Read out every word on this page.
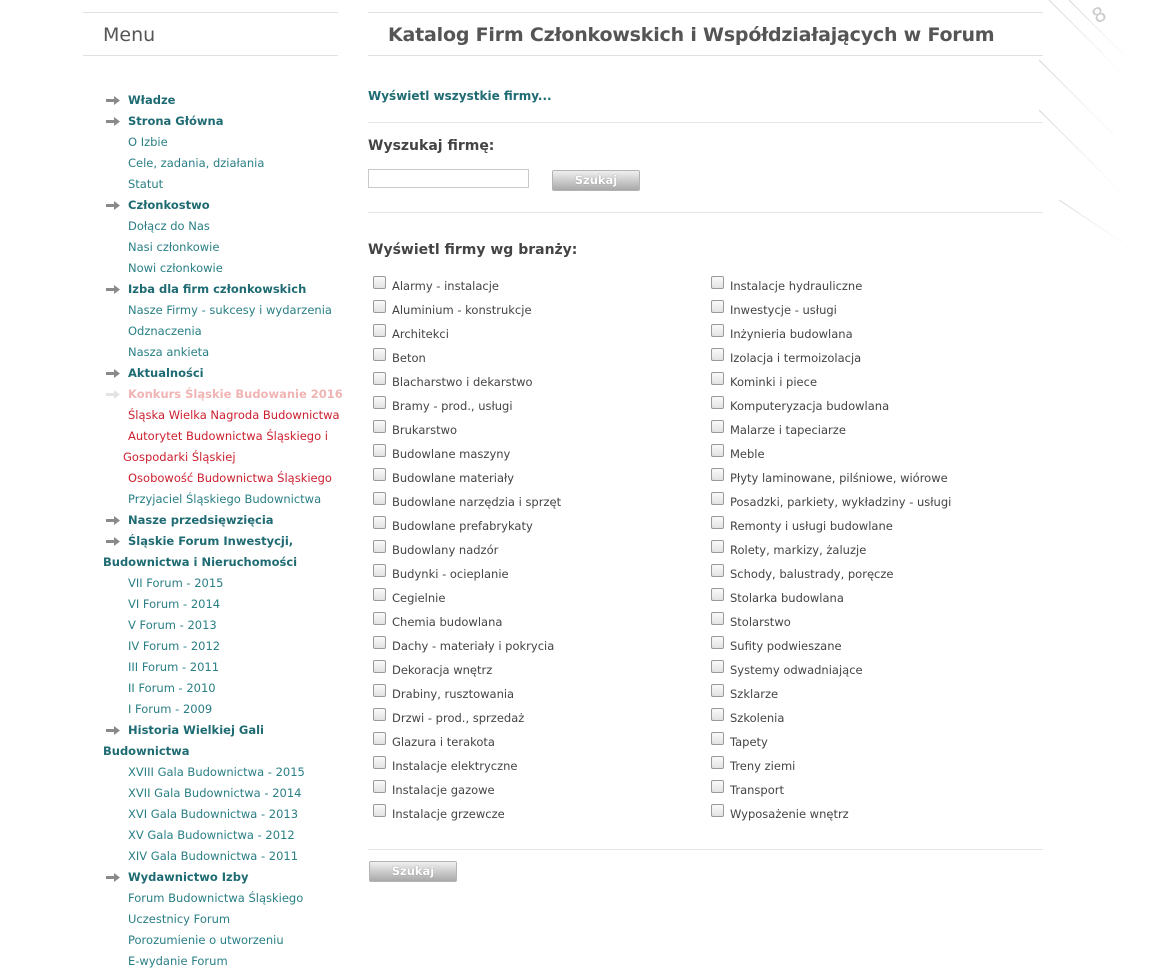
8
Menu
Władze
Strona Główna
O Izbie
Cele, zadania, działania
Statut
Członkostwo
Dołącz do Nas
Nasi członkowie
Nowi członkowie
Izba dla firm członkowskich
Nasze Firmy - sukcesy i wydarzenia
Odznaczenia
Nasza ankieta
Aktualności
Konkurs Śląskie Budowanie 2016
Śląska Wielka Nagroda Budownictwa
Autorytet Budownictwa Śląskiego i
Gospodarki Śląskiej
Osobowość Budownictwa Śląskiego
Przyjaciel Śląskiego Budownictwa
Nasze przedsięwzięcia
Śląskie Forum Inwestycji,
Budownictwa i Nieruchomości
VII Forum - 2015
VI Forum - 2014
V Forum - 2013
IV Forum - 2012
III Forum - 2011
II Forum - 2010
I Forum - 2009
Historia Wielkiej Gali
Budownictwa
XVIII Gala Budownictwa - 2015
XVII Gala Budownictwa - 2014
XVI Gala Budownictwa - 2013
XV Gala Budownictwa - 2012
XIV Gala Budownictwa - 2011
Wydawnictwo Izby
Forum Budownictwa Śląskiego
Uczestnicy Forum
Porozumienie o utworzeniu
E-wydanie Forum
Katalog Firm Członkowskich i Współdziałających w Forum
Wyświetl wszystkie firmy...
Wyszukaj firmę:
Szukaj
Wyświetl firmy wg branży:
Alarmy - instalacje
Aluminium - konstrukcje
Architekci
Beton
Blacharstwo i dekarstwo
Bramy - prod., usługi
Brukarstwo
Budowlane maszyny
Budowlane materiały
Budowlane narzędzia i sprzęt
Budowlane prefabrykaty
Budowlany nadzór
Budynki - ocieplanie
Cegielnie
Chemia budowlana
Dachy - materiały i pokrycia
Dekoracja wnętrz
Drabiny, rusztowania
Drzwi - prod., sprzedaż
Glazura i terakota
Instalacje elektryczne
Instalacje gazowe
Instalacje grzewcze
Instalacje hydrauliczne
Inwestycje - usługi
Inżynieria budowlana
Izolacja i termoizolacja
Kominki i piece
Komputeryzacja budowlana
Malarze i tapeciarze
Meble
Płyty laminowane, pilśniowe, wiórowe
Posadzki, parkiety, wykładziny - usługi
Remonty i usługi budowlane
Rolety, markizy, żaluzje
Schody, balustrady, poręcze
Stolarka budowlana
Stolarstwo
Sufity podwieszane
Systemy odwadniające
Szklarze
Szkolenia
Tapety
Treny ziemi
Transport
Wyposażenie wnętrz
Szukaj
